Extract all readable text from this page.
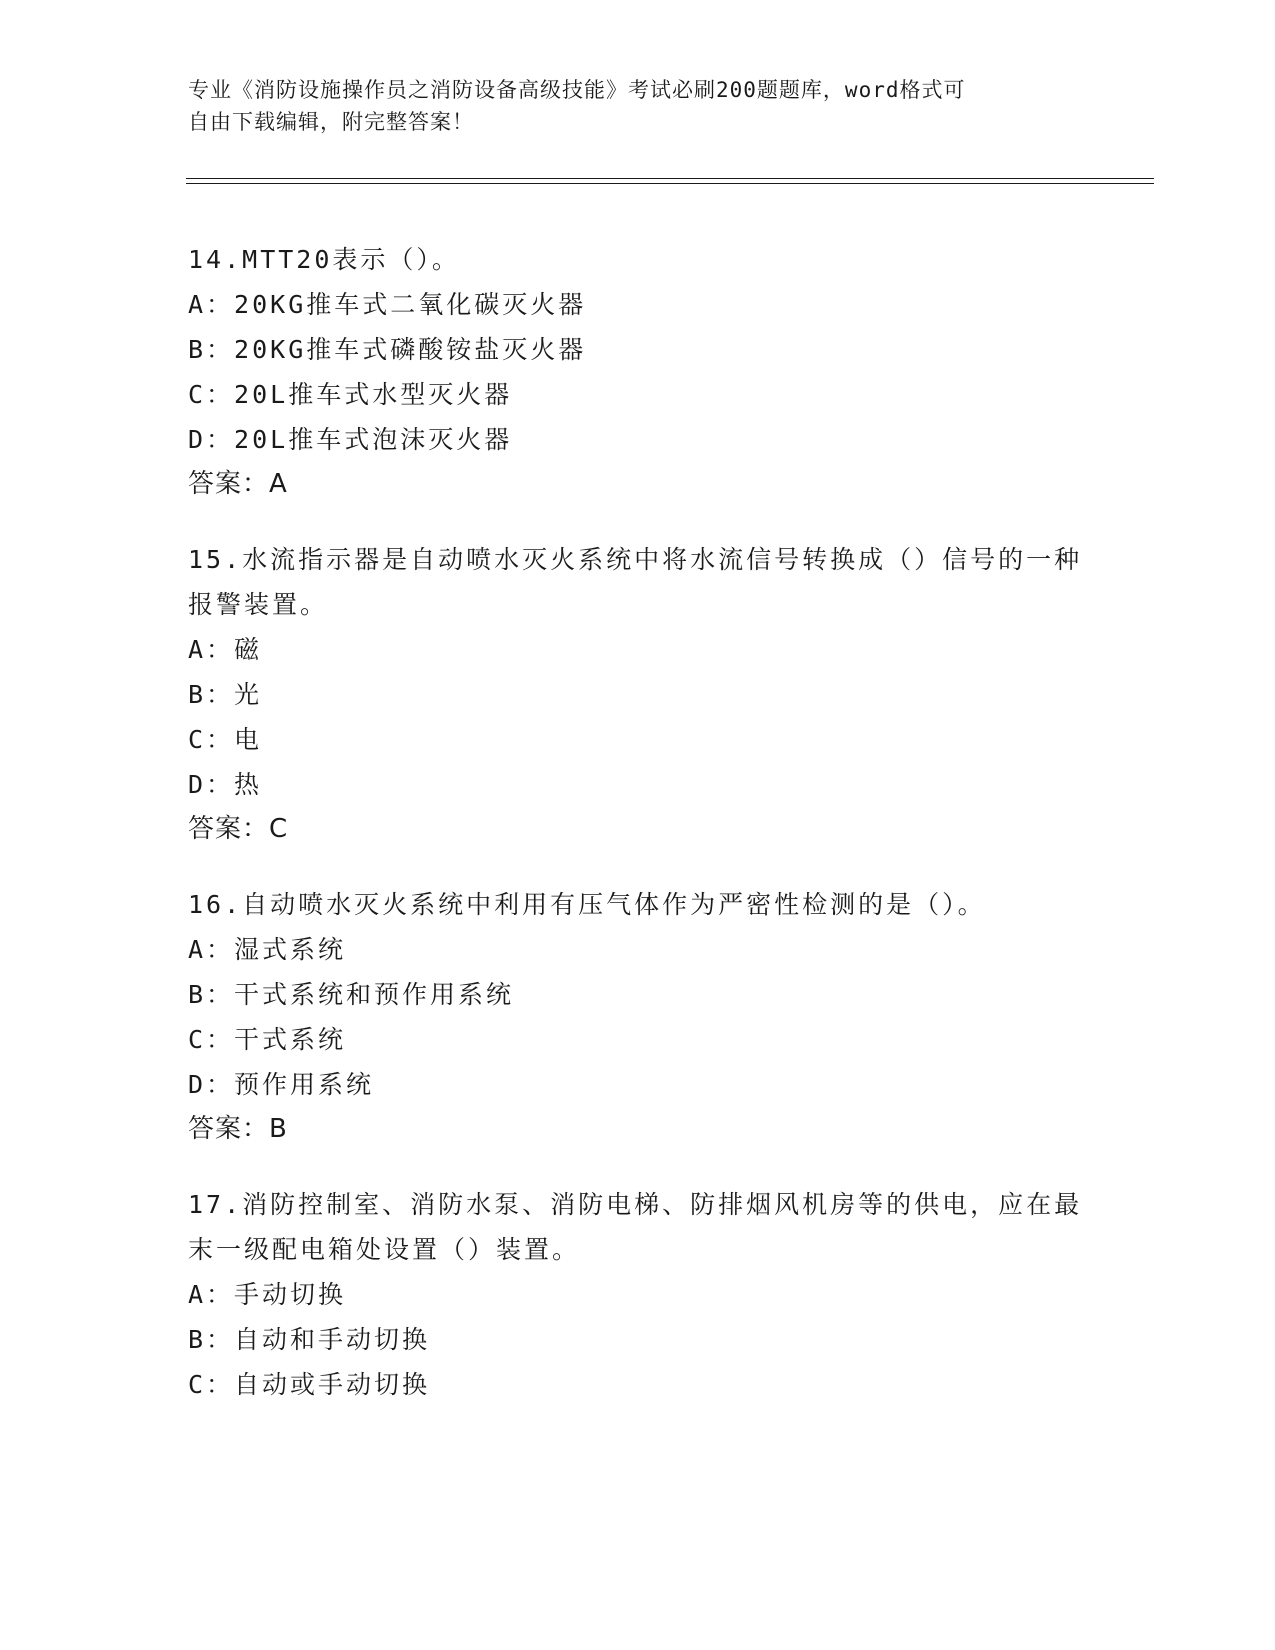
专业《消防设施操作员之消防设备高级技能》考试必刷200题题库，word格式可
自由下载编辑，附完整答案！
14.MTT20表示（）。
A：20KG推车式二氧化碳灭火器
B：20KG推车式磷酸铵盐灭火器
C：20L推车式水型灭火器
D：20L推车式泡沫灭火器
答案：A
15.水流指示器是自动喷水灭火系统中将水流信号转换成（）信号的一种报警装置。
A：磁
B：光
C：电
D：热
答案：C
16.自动喷水灭火系统中利用有压气体作为严密性检测的是（）。
A：湿式系统
B：干式系统和预作用系统
C：干式系统
D：预作用系统
答案：B
17.消防控制室、消防水泵、消防电梯、防排烟风机房等的供电，应在最末一级配电箱处设置（）装置。
A：手动切换
B：自动和手动切换
C：自动或手动切换
